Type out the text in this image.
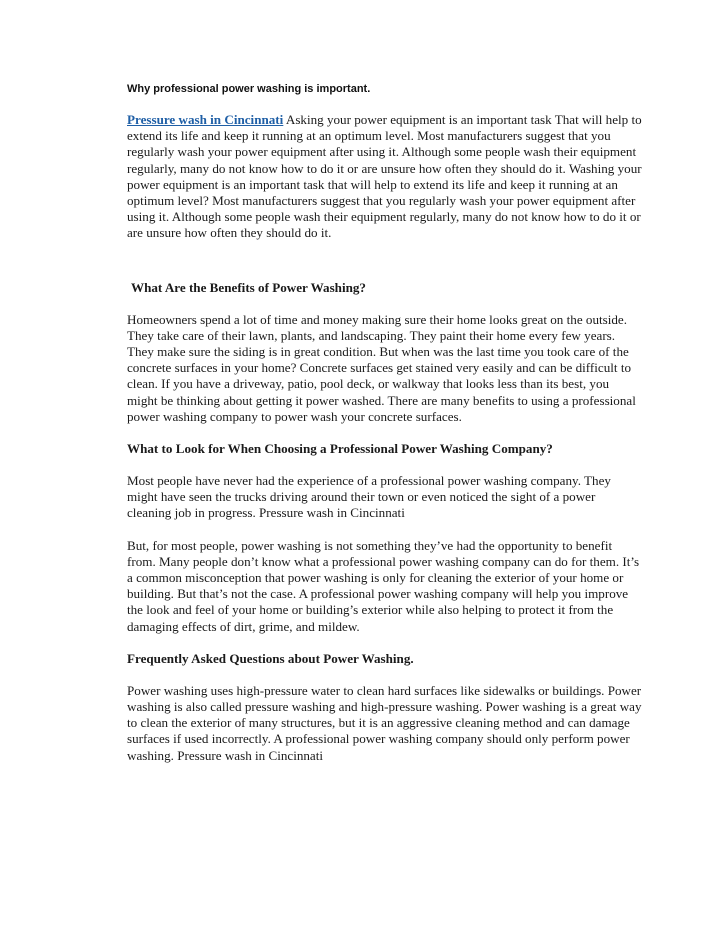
Why professional power washing is important.

Pressure wash in Cincinnati Asking your power equipment is an important task That will help to extend its life and keep it running at an optimum level. Most manufacturers suggest that you regularly wash your power equipment after using it. Although some people wash their equipment regularly, many do not know how to do it or are unsure how often they should do it. Washing your power equipment is an important task that will help to extend its life and keep it running at an optimum level? Most manufacturers suggest that you regularly wash your power equipment after using it. Although some people wash their equipment regularly, many do not know how to do it or are unsure how often they should do it.

What Are the Benefits of Power Washing?

Homeowners spend a lot of time and money making sure their home looks great on the outside. They take care of their lawn, plants, and landscaping. They paint their home every few years. They make sure the siding is in great condition. But when was the last time you took care of the concrete surfaces in your home? Concrete surfaces get stained very easily and can be difficult to clean. If you have a driveway, patio, pool deck, or walkway that looks less than its best, you might be thinking about getting it power washed. There are many benefits to using a professional power washing company to power wash your concrete surfaces.

What to Look for When Choosing a Professional Power Washing Company?

Most people have never had the experience of a professional power washing company. They might have seen the trucks driving around their town or even noticed the sight of a power cleaning job in progress. Pressure wash in Cincinnati

But, for most people, power washing is not something they’ve had the opportunity to benefit from. Many people don’t know what a professional power washing company can do for them. It’s a common misconception that power washing is only for cleaning the exterior of your home or building. But that’s not the case. A professional power washing company will help you improve the look and feel of your home or building’s exterior while also helping to protect it from the damaging effects of dirt, grime, and mildew.

Frequently Asked Questions about Power Washing.

Power washing uses high-pressure water to clean hard surfaces like sidewalks or buildings. Power washing is also called pressure washing and high-pressure washing. Power washing is a great way to clean the exterior of many structures, but it is an aggressive cleaning method and can damage surfaces if used incorrectly. A professional power washing company should only perform power washing. Pressure wash in Cincinnati
